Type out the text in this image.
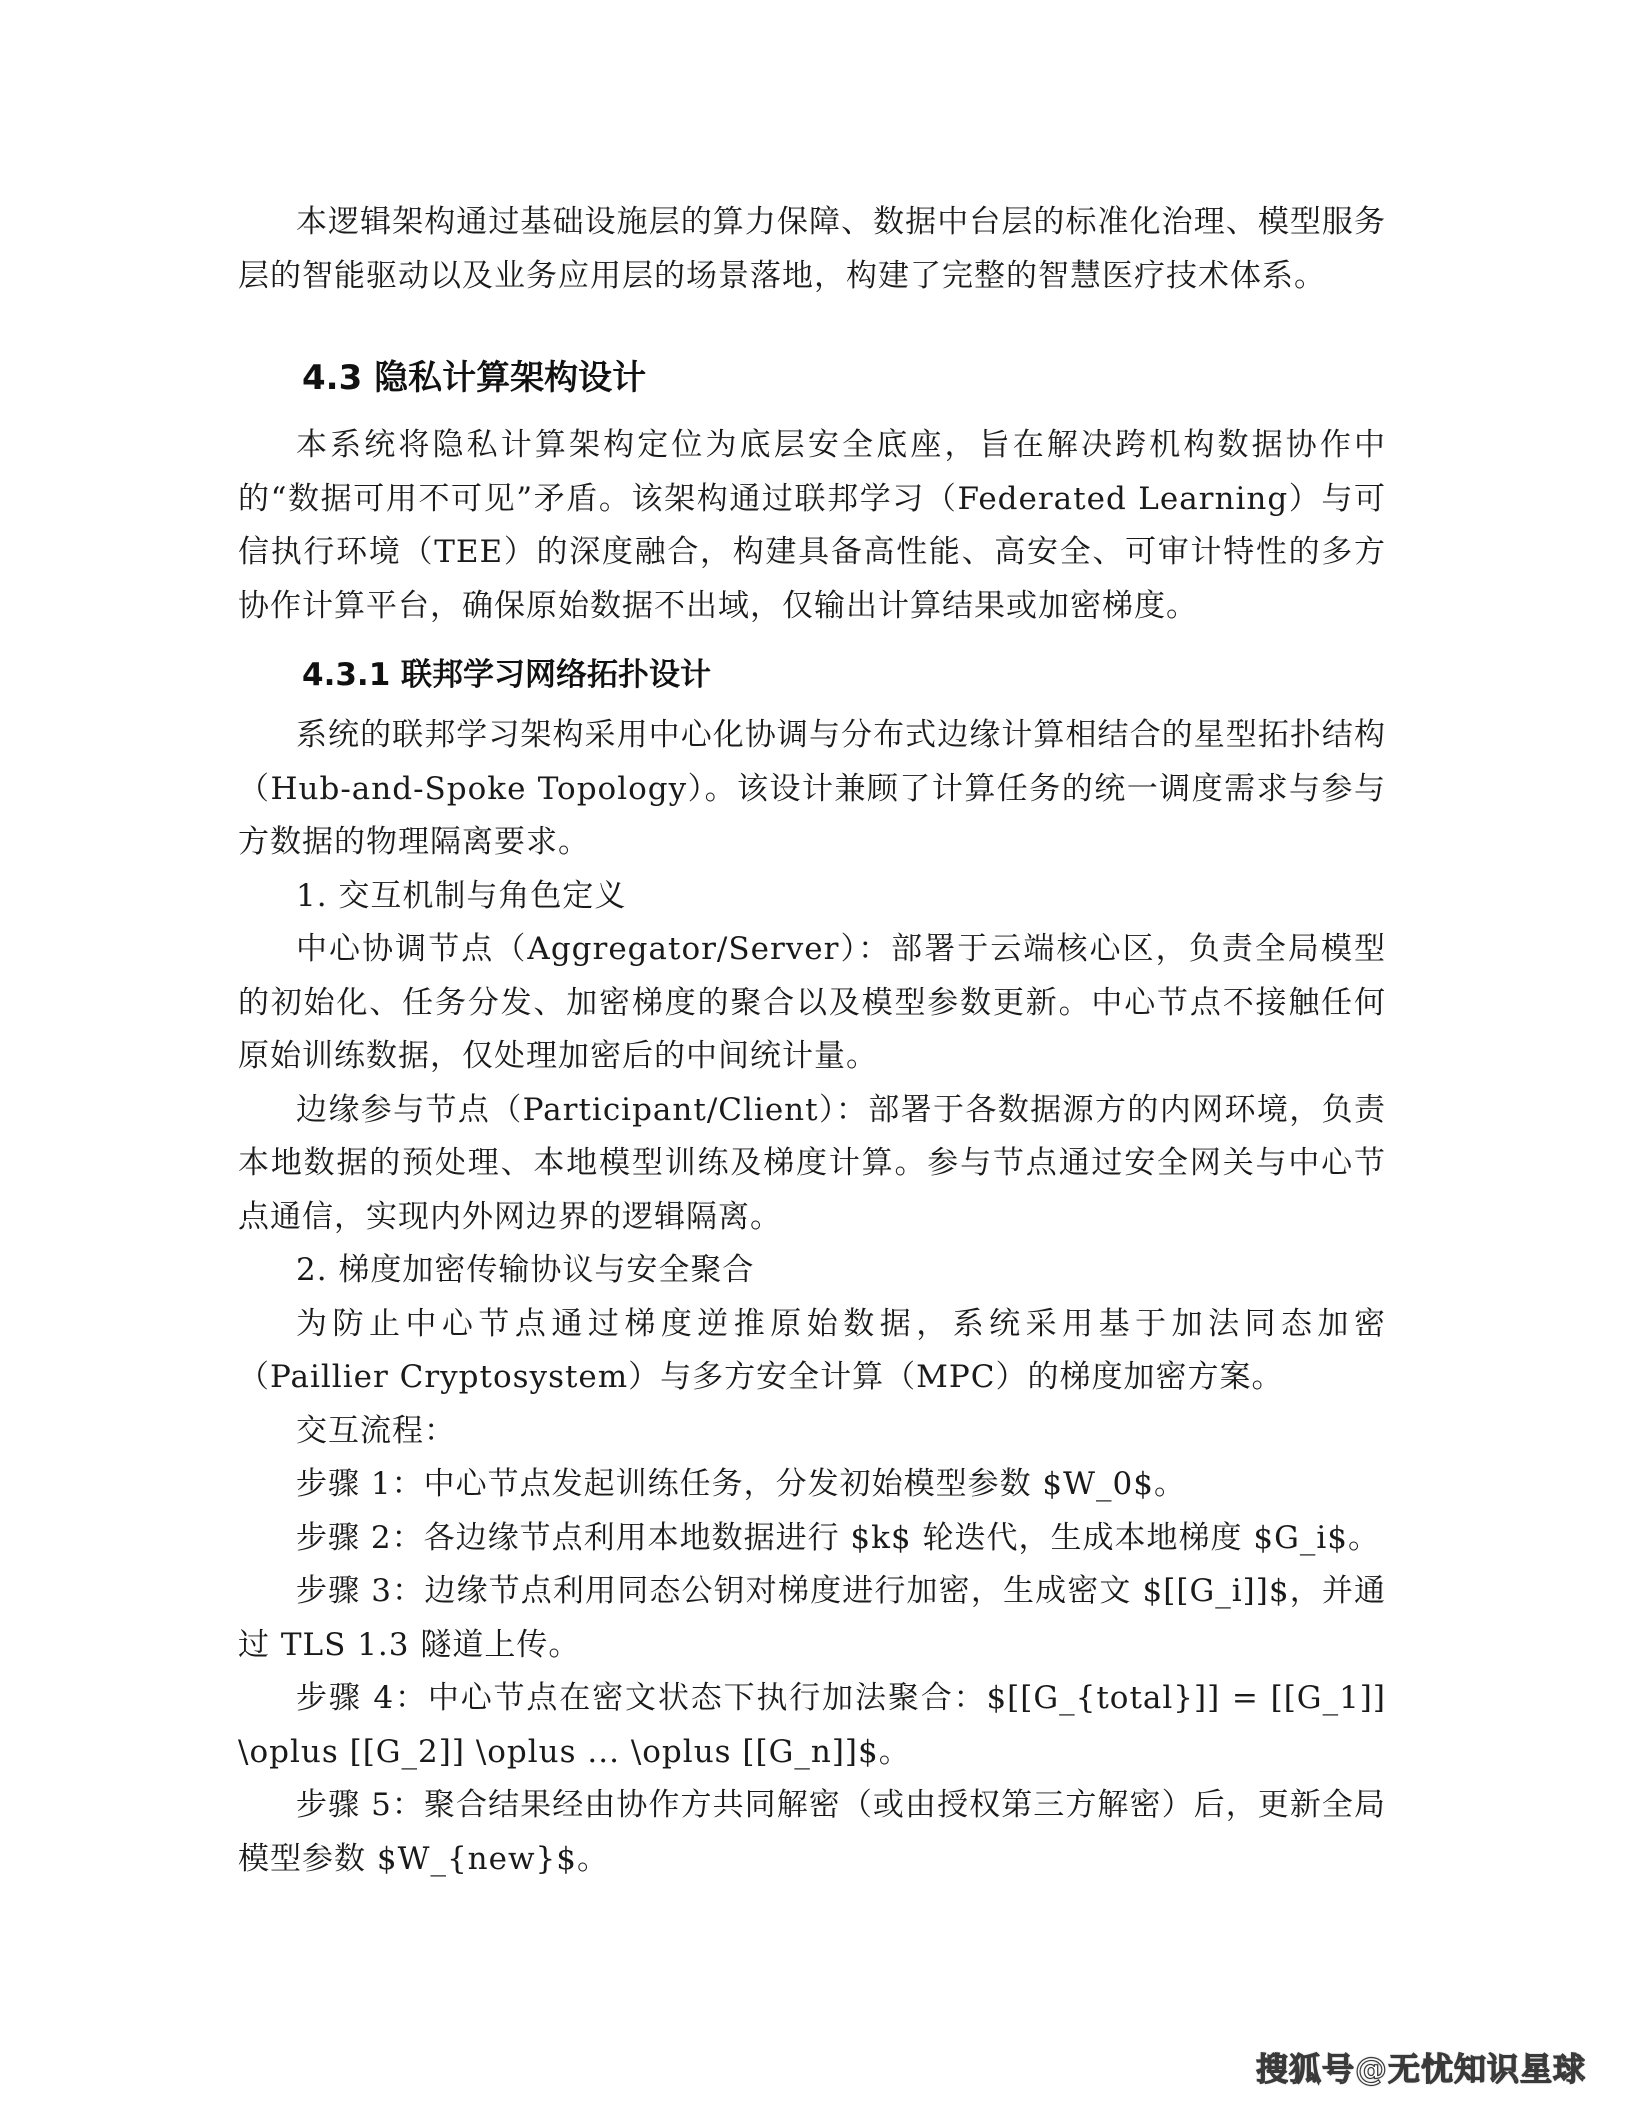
本逻辑架构通过基础设施层的算力保障、数据中台层的标准化治理、模型服务层的智能驱动以及业务应用层的场景落地，构建了完整的智慧医疗技术体系。

4.3 隐私计算架构设计

本系统将隐私计算架构定位为底层安全底座，旨在解决跨机构数据协作中的“数据可用不可见”矛盾。该架构通过联邦学习（Federated Learning）与可信执行环境（TEE）的深度融合，构建具备高性能、高安全、可审计特性的多方协作计算平台，确保原始数据不出域，仅输出计算结果或加密梯度。

4.3.1 联邦学习网络拓扑设计

系统的联邦学习架构采用中心化协调与分布式边缘计算相结合的星型拓扑结构（Hub-and-Spoke Topology）。该设计兼顾了计算任务的统一调度需求与参与方数据的物理隔离要求。

1. 交互机制与角色定义

中心协调节点（Aggregator/Server）：部署于云端核心区，负责全局模型的初始化、任务分发、加密梯度的聚合以及模型参数更新。中心节点不接触任何原始训练数据，仅处理加密后的中间统计量。

边缘参与节点（Participant/Client）：部署于各数据源方的内网环境，负责本地数据的预处理、本地模型训练及梯度计算。参与节点通过安全网关与中心节点通信，实现内外网边界的逻辑隔离。

2. 梯度加密传输协议与安全聚合

为防止中心节点通过梯度逆推原始数据，系统采用基于加法同态加密（Paillier Cryptosystem）与多方安全计算（MPC）的梯度加密方案。

交互流程：

步骤 1：中心节点发起训练任务，分发初始模型参数 $W_0$。

步骤 2：各边缘节点利用本地数据进行 $k$ 轮迭代，生成本地梯度 $G_i$。

步骤 3：边缘节点利用同态公钥对梯度进行加密，生成密文 $[[G_i]]$，并通过 TLS 1.3 隧道上传。

步骤 4：中心节点在密文状态下执行加法聚合：$[[G_{total}]] = [[G_1]] \oplus [[G_2]] \oplus ... \oplus [[G_n]]$。

步骤 5：聚合结果经由协作方共同解密（或由授权第三方解密）后，更新全局模型参数 $W_{new}$。

搜狐号@无忧知识星球
